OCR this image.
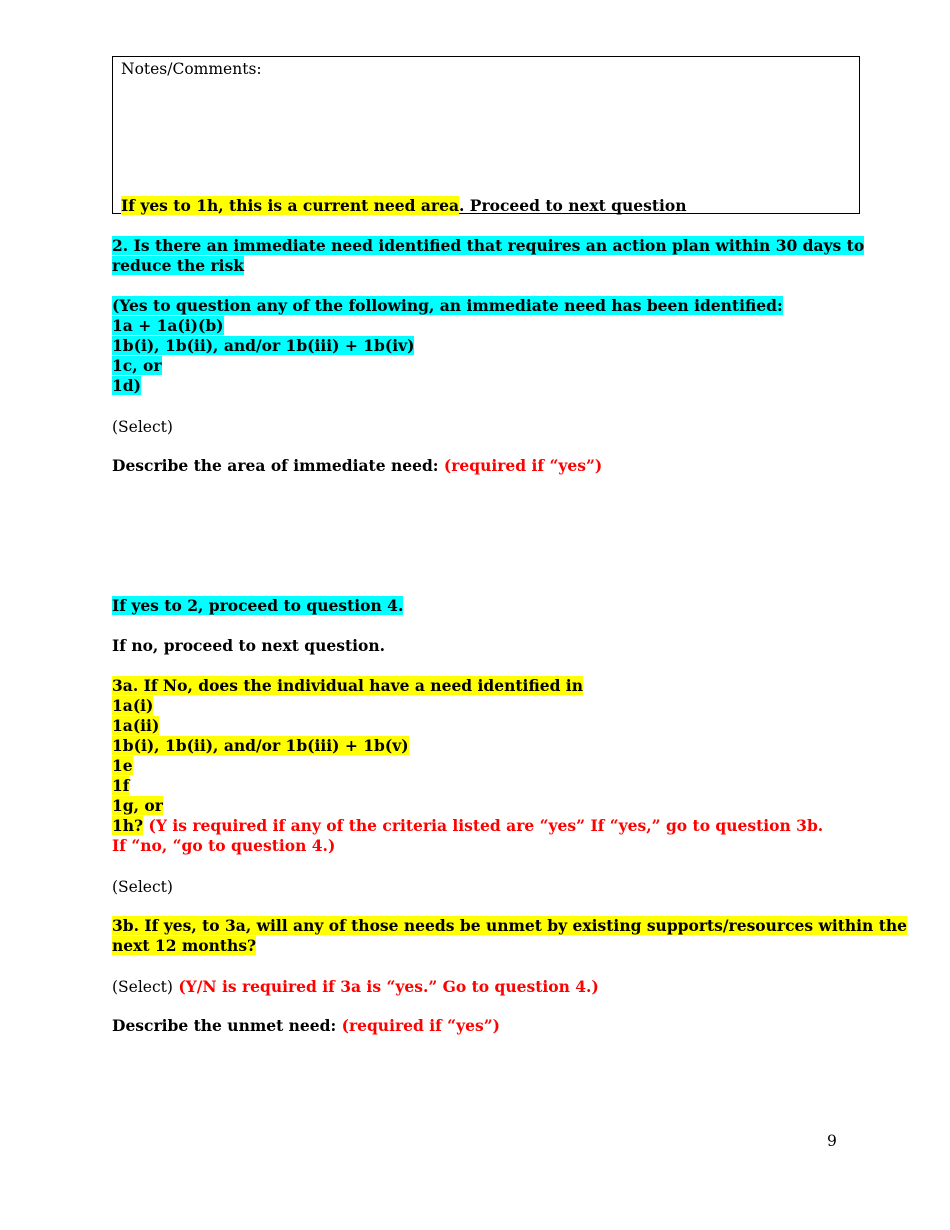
Notes/Comments:
If yes to 1h, this is a current need area. Proceed to next question
2. Is there an immediate need identified that requires an action plan within 30 days to
reduce the risk
(Yes to question any of the following, an immediate need has been identified:
1a + 1a(i)(b)
1b(i), 1b(ii), and/or 1b(iii) + 1b(iv)
1c, or
1d)
(Select)
Describe the area of immediate need: (required if “yes”)
If yes to 2, proceed to question 4.
If no, proceed to next question.
3a. If No, does the individual have a need identified in
1a(i)
1a(ii)
1b(i), 1b(ii), and/or 1b(iii) + 1b(v)
1e
1f
1g, or
1h? (Y is required if any of the criteria listed are “yes” If “yes,” go to question 3b. If “no, “go to question 4.)
(Select)
3b. If yes, to 3a, will any of those needs be unmet by existing supports/resources within the
next 12 months?
(Select) (Y/N is required if 3a is “yes.” Go to question 4.)
Describe the unmet need: (required if “yes”)
9
